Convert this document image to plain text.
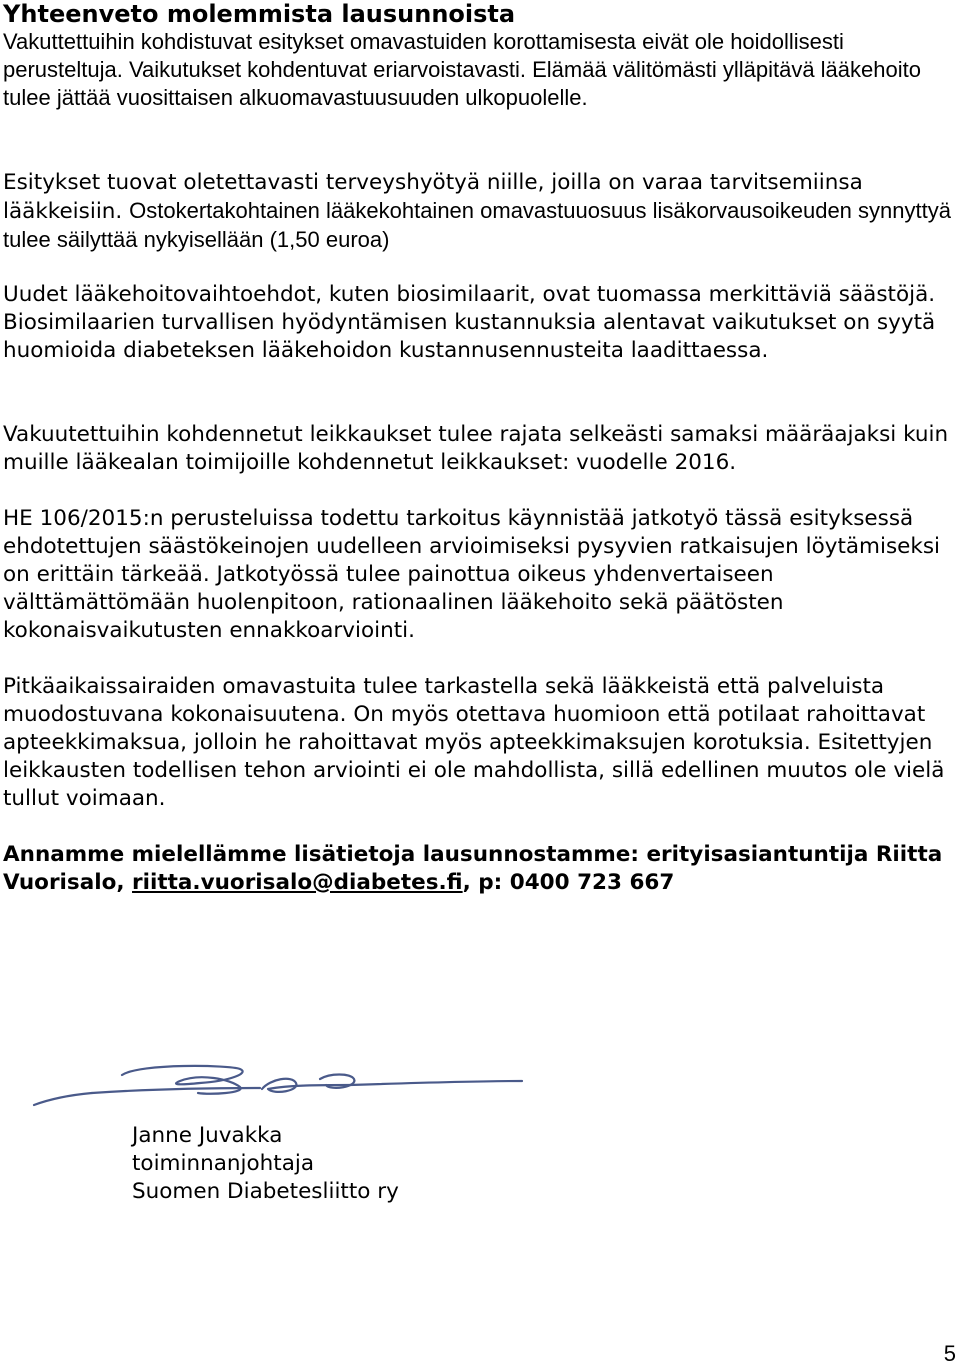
Yhteenveto molemmista lausunnoista

Vakuttettuihin kohdistuvat esitykset omavastuiden korottamisesta eivät ole hoidollisesti perusteltuja. Vaikutukset kohdentuvat eriarvoistavasti. Elämää välitömästi ylläpitävä lääkehoito tulee jättää vuosittaisen alkuomavastuusuuden ulkopuolelle.

Esitykset tuovat oletettavasti terveyshyötyä niille, joilla on varaa tarvitsemiinsa lääkkeisiin. Ostokertakohtainen lääkekohtainen omavastuuosuus lisäkorvausoikeuden synnyttyä tulee säilyttää nykyisellään (1,50 euroa)

Uudet lääkehoitovaihtoehdot, kuten biosimilaarit, ovat tuomassa merkittäviä säästöjä. Biosimilaarien turvallisen hyödyntämisen kustannuksia alentavat vaikutukset on syytä huomioida diabeteksen lääkehoidon kustannusennusteita laadittaessa.

Vakuutettuihin kohdennetut leikkaukset tulee rajata selkeästi samaksi määräajaksi kuin muille lääkealan toimijoille kohdennetut leikkaukset: vuodelle 2016.

HE 106/2015:n perusteluissa todettu tarkoitus käynnistää jatkotyö tässä esityksessä ehdotettujen säästökeinojen uudelleen arvioimiseksi pysyvien ratkaisujen löytämiseksi on erittäin tärkeää. Jatkotyössä tulee painottua oikeus yhdenvertaiseen välttämättömään huolenpitoon, rationaalinen lääkehoito sekä päätösten kokonaisvaikutusten ennakkoarviointi.

Pitkäaikaissairaiden omavastuita tulee tarkastella sekä lääkkeistä että palveluista muodostuvana kokonaisuutena. On myös otettava huomioon että potilaat rahoittavat apteekkimaksua, jolloin he rahoittavat myös apteekkimaksujen korotuksia. Esitettyjen leikkausten todellisen tehon arviointi ei ole mahdollista, sillä edellinen muutos ole vielä tullut voimaan.

Annamme mielellämme lisätietoja lausunnostamme: erityisasiantuntija Riitta Vuorisalo, riitta.vuorisalo@diabetes.fi, p: 0400 723 667

Janne Juvakka
toiminnanjohtaja
Suomen Diabetesliitto ry

5
